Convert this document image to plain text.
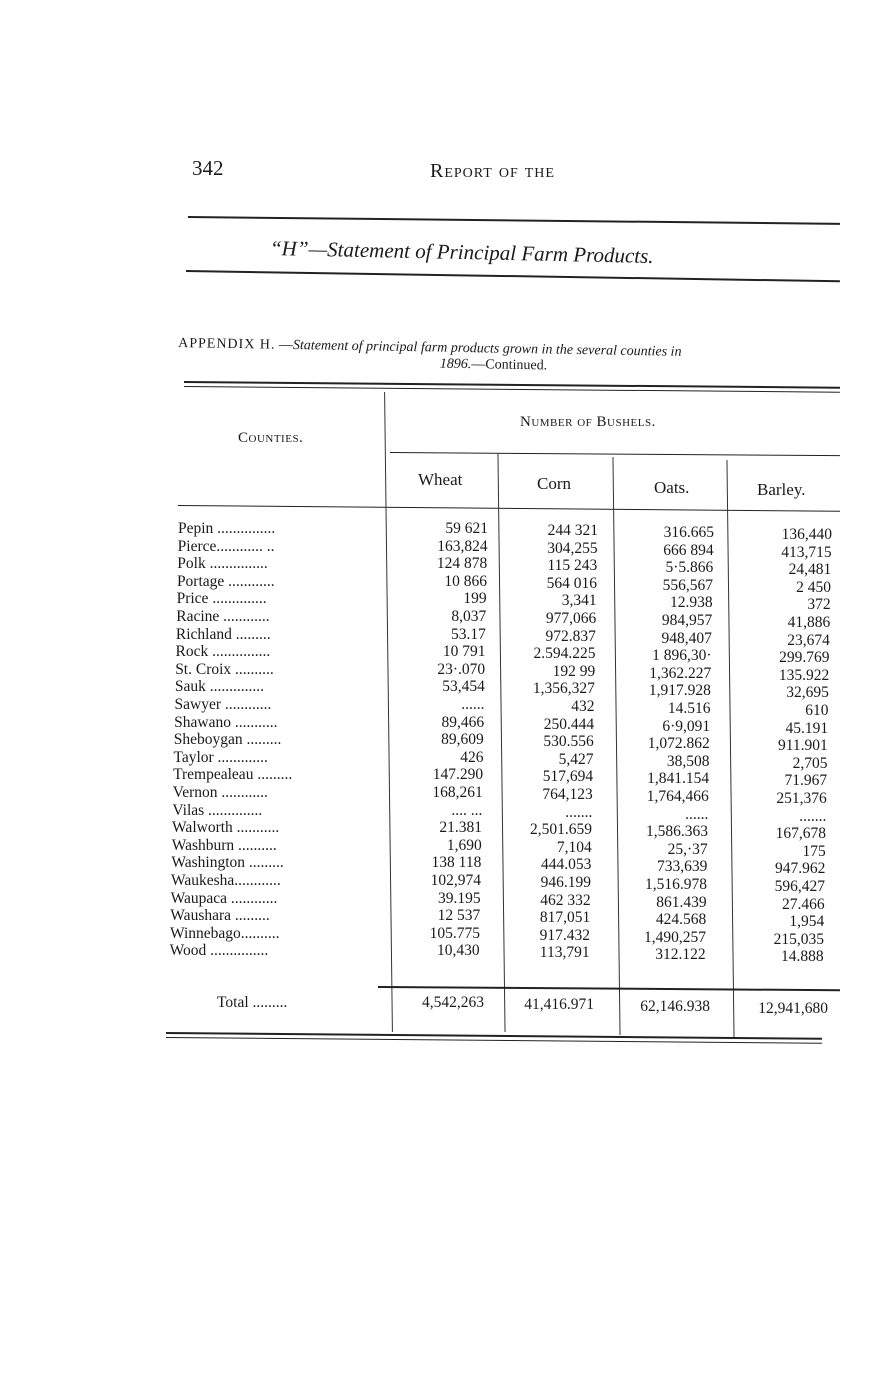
342	Report of the
“H”—Statement of Principal Farm Products.
APPENDIX H. —Statement of principal farm products grown in the several counties in
1896.—Continued.
Counties.
Number of Bushels.
Wheat	Corn	Oats.	Barley.
Pepin ...............	59 621	244 321	316.665	136,440
Pierce............ ..	163,824	304,255	666 894	413,715
Polk ...............	124 878	115 243	5·5.866	24,481
Portage ............	10 866	564 016	556,567	2 450
Price ..............	199	3,341	12.938	372
Racine ............	8,037	977,066	984,957	41,886
Richland .........	53.17	972.837	948,407	23,674
Rock ...............	10 791	2.594.225	1 896,30·	299.769
St. Croix ..........	23·.070	192 99	1,362.227	135.922
Sauk ..............	53,454	1,356,327	1,917.928	32,695
Sawyer ............	......	432	14.516	610
Shawano ...........	89,466	250.444	6·9,091	45.191
Sheboygan .........	89,609	530.556	1,072.862	911.901
Taylor .............	426	5,427	38,508	2,705
Trempealeau .........	147.290	517,694	1,841.154	71.967
Vernon ............	168,261	764,123	1,764,466	251,376
Vilas ..............	.... ...	.......	......	.......
Walworth ...........	21.381	2,501.659	1,586.363	167,678
Washburn ..........	1,690	7,104	25,·37	175
Washington .........	138 118	444.053	733,639	947.962
Waukesha............	102,974	946.199	1,516.978	596,427
Waupaca ............	39.195	462 332	861.439	27.466
Waushara .........	12 537	817,051	424.568	1,954
Winnebago..........	105.775	917.432	1,490,257	215,035
Wood ...............	10,430	113,791	312.122	14.888
Total .........	4,542,263	41,416.971	62,146.938	12,941,680
